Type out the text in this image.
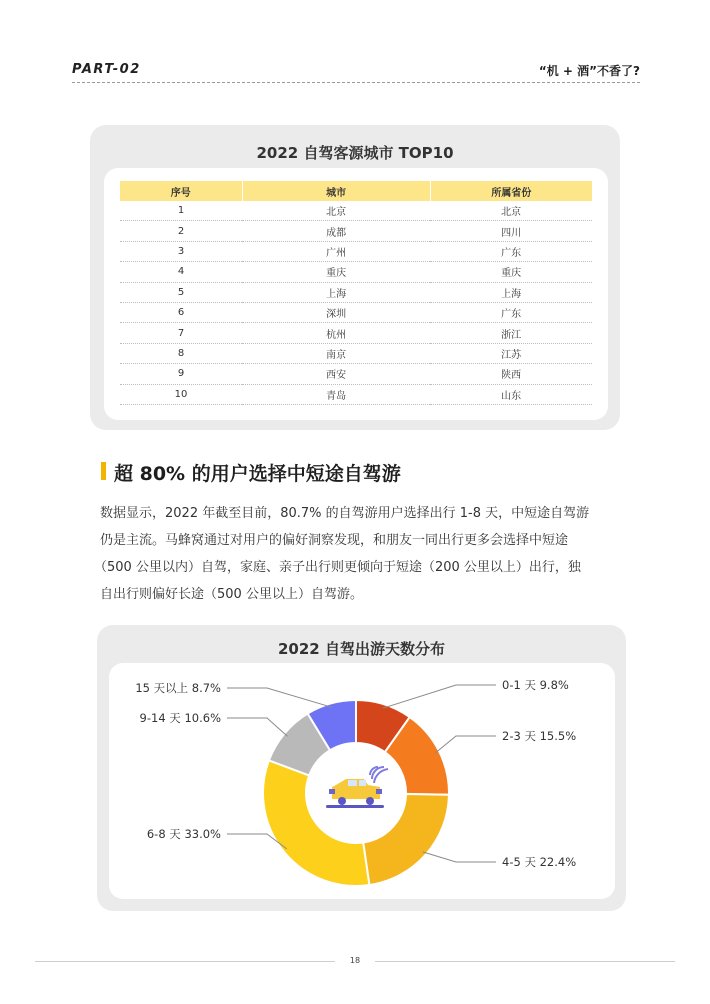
PART-02	“机 + 酒”不香了?
2022 自驾客源城市 TOP10
序号	城市	所属省份
1	北京	北京
2	成都	四川
3	广州	广东
4	重庆	重庆
5	上海	上海
6	深圳	广东
7	杭州	浙江
8	南京	江苏
9	西安	陕西
10	青岛	山东
超 80% 的用户选择中短途自驾游

数据显示，2022 年截至目前，80.7% 的自驾游用户选择出行 1-8 天，中短途自驾游

仍是主流。马蜂窝通过对用户的偏好洞察发现，和朋友一同出行更多会选择中短途

（500 公里以内）自驾，家庭、亲子出行则更倾向于短途（200 公里以上）出行，独

自出行则偏好长途（500 公里以上）自驾游。

2022 自驾出游天数分布
0-1 天 9.8%
2-3 天 15.5%
4-5 天 22.4%
6-8 天 33.0%
9-14 天 10.6%
15 天以上 8.7%
18
